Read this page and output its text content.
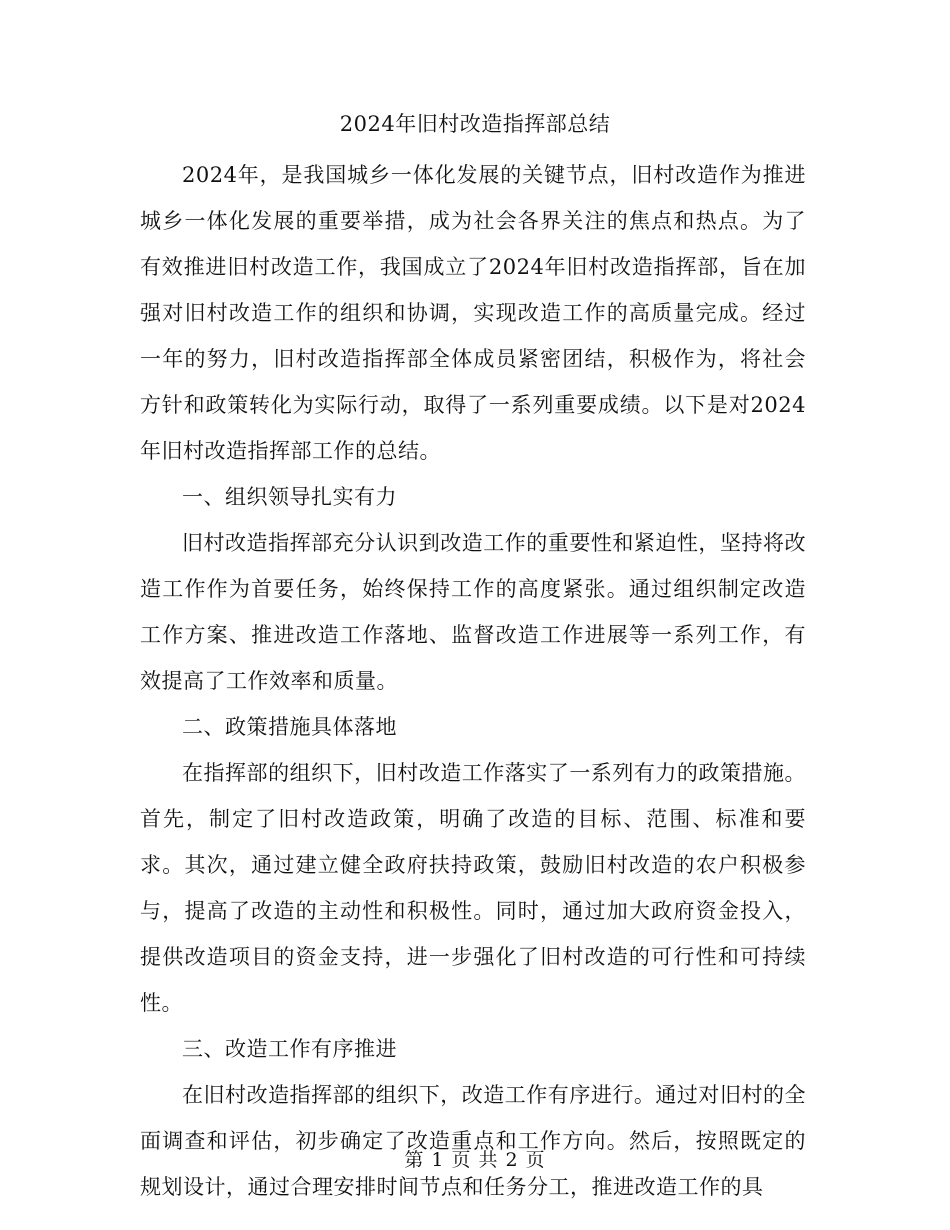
2024年旧村改造指挥部总结

2024年，是我国城乡一体化发展的关键节点，旧村改造作为推进城乡一体化发展的重要举措，成为社会各界关注的焦点和热点。为了有效推进旧村改造工作，我国成立了2024年旧村改造指挥部，旨在加强对旧村改造工作的组织和协调，实现改造工作的高质量完成。经过一年的努力，旧村改造指挥部全体成员紧密团结，积极作为，将社会方针和政策转化为实际行动，取得了一系列重要成绩。以下是对2024年旧村改造指挥部工作的总结。

一、组织领导扎实有力

旧村改造指挥部充分认识到改造工作的重要性和紧迫性，坚持将改造工作作为首要任务，始终保持工作的高度紧张。通过组织制定改造工作方案、推进改造工作落地、监督改造工作进展等一系列工作，有效提高了工作效率和质量。

二、政策措施具体落地

在指挥部的组织下，旧村改造工作落实了一系列有力的政策措施。首先，制定了旧村改造政策，明确了改造的目标、范围、标准和要求。其次，通过建立健全政府扶持政策，鼓励旧村改造的农户积极参与，提高了改造的主动性和积极性。同时，通过加大政府资金投入，提供改造项目的资金支持，进一步强化了旧村改造的可行性和可持续性。

三、改造工作有序推进

在旧村改造指挥部的组织下，改造工作有序进行。通过对旧村的全面调查和评估，初步确定了改造重点和工作方向。然后，按照既定的规划设计，通过合理安排时间节点和任务分工，推进改造工作的具

第 1 页 共 2 页
